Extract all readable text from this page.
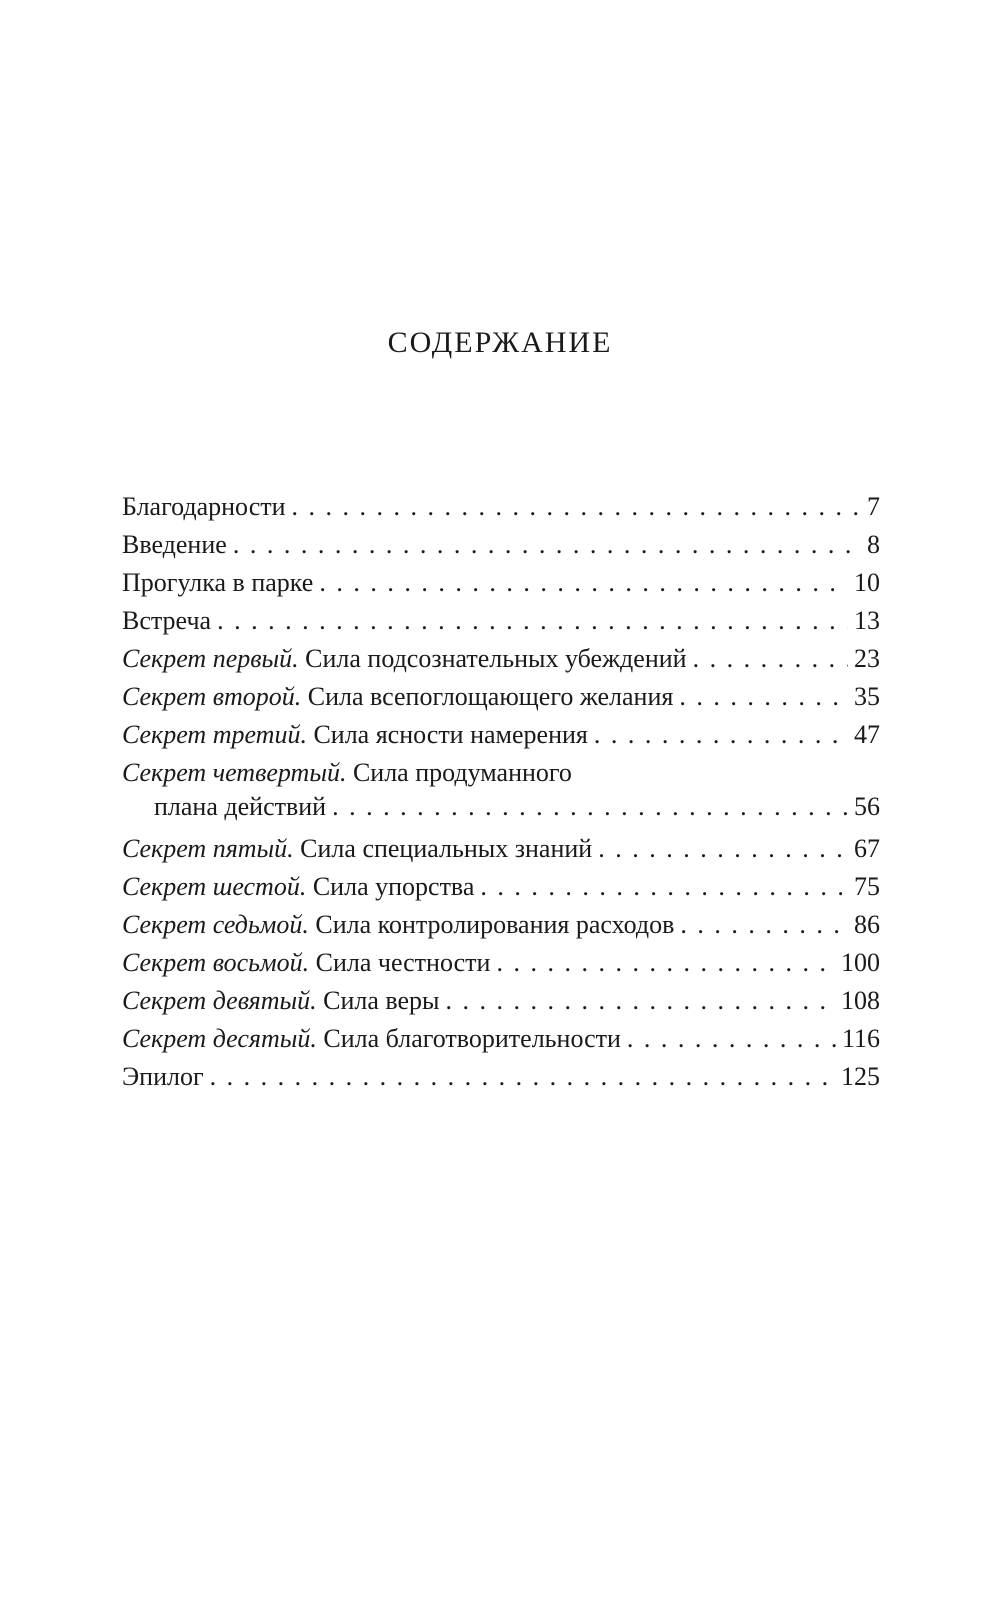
СОДЕРЖАНИЕ
Благодарности . . .	7
Введение . . .	8
Прогулка в парке . . .	10
Встреча . . .	13
Секрет первый. Сила подсознательных убеждений . . .	23
Секрет второй. Сила всепоглощающего желания . . .	35
Секрет третий. Сила ясности намерения . . .	47
Секрет четвертый. Сила продуманного
плана действий . . .	56
Секрет пятый. Сила специальных знаний . . .	67
Секрет шестой. Сила упорства . . .	75
Секрет седьмой. Сила контролирования расходов . . .	86
Секрет восьмой. Сила честности . . .	100
Секрет девятый. Сила веры . . .	108
Секрет десятый. Сила благотворительности . . .	116
Эпилог . . .	125
